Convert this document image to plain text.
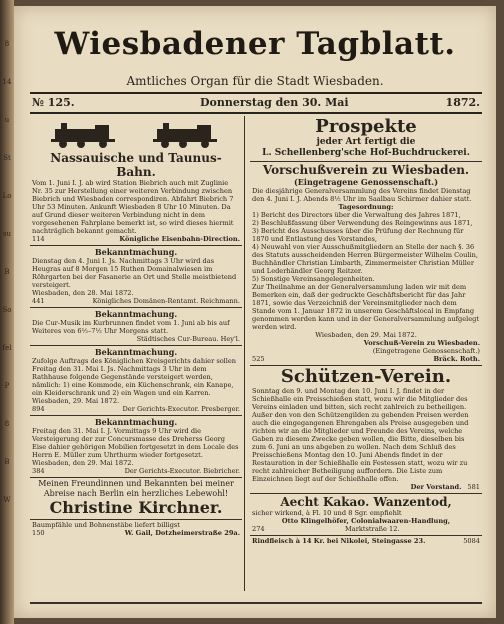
8
14
u
St
Lo
su
B
So
fel
P
8
B
W
Wiesbadener Tagblatt.
Amtliches Organ für die Stadt Wiesbaden.
№ 125.	Donnerstag den 30. Mai	1872.
Nassauische und Taunus-Bahn.
Vom 1. Juni I. J. ab wird Station Biebrich auch mit Zuglinie Nr. 35 zur Herstellung einer weiteren Verbindung zwischen Biebrich und Wiesbaden correspondiren. Abfahrt Biebrich 7 Uhr 53 Minuten. Ankunft Wiesbaden 8 Uhr 10 Minuten. Da auf Grund dieser weiteren Verbindung nicht in dem vorgesehenen Fahrplane bemerkt ist, so wird dieses hiermit nachträglich bekannt gemacht.
114	Königliche Eisenbahn-Direction.
Bekanntmachung.
Dienstag den 4. Juni I. Js. Nachmittags 3 Uhr wird das Heugras auf 8 Morgen 15 Ruthen Domainalwiesen im Röhrgarten bei der Fasanerie an Ort und Stelle meistbietend versteigert.
Wiesbaden, den 28. Mai 1872.
441	Königliches Domänen-Rentamt. Reichmann.
Bekanntmachung.
Die Cur-Musik im Kurbrunnen findet vom 1. Juni ab bis auf Weiteres von 6½–7½ Uhr Morgens statt.
Städtisches Cur-Bureau. Hey'l.
Bekanntmachung.
Zufolge Auftrags des Königlichen Kreisgerichts dahier sollen Freitag den 31. Mai I. Js. Nachmittags 3 Uhr in dem Rathhause folgende Gegenstände versteigert werden, nämlich: 1) eine Kommode, ein Küchenschrank, ein Kanape, ein Kleiderschrank und 2) ein Wagen und ein Karren.
Wiesbaden, 29. Mai 1872.
894	Der Gerichts-Executor. Presberger.
Bekanntmachung.
Freitag den 31. Mai I. J. Vormittags 9 Uhr wird die Versteigerung der zur Concursmasse des Dreherss Georg Eise dahier gehörigen Mobilien fortgesetzt in dem Locale des Herrn E. Müller zum Uhrthurm wieder fortgesetzt.
Wiesbaden, den 29. Mai 1872.
384	Der Gerichts-Executor. Biebricher.
Meinen Freundinnen und Bekannten bei meiner Abreise nach Berlin ein herzliches Lebewohl!
Christine Kirchner.
Baumpfähle und Bohnenstäbe liefert billigst
150	W. Gail, Dotzheimerstraße 29a.
Prospekte
jeder Art fertigt die
L. Schellenberg'sche Hof-Buchdruckerei.
Vorschußverein zu Wiesbaden.
(Eingetragene Genossenschaft.)
Die diesjährige Generalversammlung des Vereins findet Dienstag den 4. Juni I. J. Abends 8½ Uhr im Saalbau Schirmer dahier statt.
Tagesordnung:
1) Bericht des Directors über die Verwaltung des Jahres 1871,
2) Beschlußfassung über Verwendung des Reingewinns aus 1871,
3) Bericht des Ausschusses über die Prüfung der Rechnung für 1870 und Entlastung des Vorstandes,
4) Neuwahl von vier Ausschußmitgliedern an Stelle der nach §. 36 des Statuts ausscheidenden Herren Bürgermeister Wilhelm Coulin, Buchhändler Christian Limbarth, Zimmermeister Christian Müller und Lederhändler Georg Reitzer.
5) Sonstige Vereinsangelegenheiten.
Zur Theilnahme an der Generalversammlung laden wir mit dem Bemerken ein, daß der gedruckte Geschäftsbericht für das Jahr 1871, sowie das Verzeichniß der Vereinsmitglieder nach dem Stande vom 1. Januar 1872 in unserem Geschäftslocal in Empfang genommen werden kann und in der Generalversammlung aufgelegt werden wird.
Wiesbaden, den 29. Mai 1872.
Vorschuß-Verein zu Wiesbaden.
(Eingetragene Genossenschaft.)
525	Bräck. Roth.
Schützen-Verein.
Sonntag den 9. und Montag den 10. Juni I. J. findet in der Schießhalle ein Preisschießen statt, wozu wir die Mitglieder des Vereins einladen und bitten, sich recht zahlreich zu betheiligen. Außer den von den Schützengilden zu gebenden Preisen werden auch die eingegangenen Ehrengaben als Preise ausgegeben und richten wir an die Mitglieder und Freunde des Vereins, welche Gaben zu diesem Zwecke geben wollen, die Bitte, dieselben bis zum 6. Juni an uns abgeben zu wollen. Nach dem Schluß des Preisschießens Montag den 10. Juni Abends findet in der Restauration in der Schießhalle ein Festessen statt, wozu wir zu recht zahlreicher Betheiligung auffordern. Die Liste zum Einzeichnen liegt auf der Schießhalle offen.
581
Der Vorstand.
Aecht Kakao. Wanzentod,
sicher wirkend, à Fl. 10 und 8 Sgr. empfiehlt
Otto Klingelhöfer, Colonialwaaren-Handlung,
274	Marktstraße 12.
5084
Rindfleisch à 14 Kr. bei Nikolei, Steingasse 23.
